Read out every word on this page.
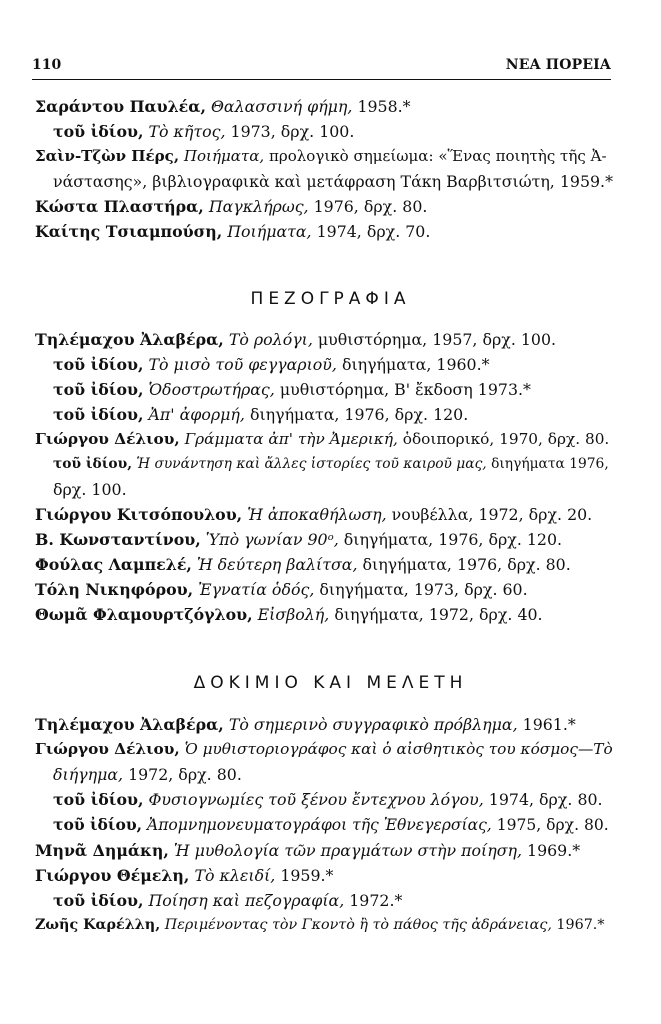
110	ΝΕΑ ΠΟΡΕΙΑ
Σαράντου Παυλέα, Θαλασσινή φήμη, 1958.*
τοῦ ἰδίου, Τὸ κῆτος, 1973, δρχ. 100.
Σαὶν-Τζὼν Πέρς, Ποιήματα, προλογικὸ σημείωμα: «Ἕνας ποιητὴς τῆς Ἀ-
νάστασης», βιβλιογραφικὰ καὶ μετάφραση Τάκη Βαρβιτσιώτη, 1959.*
Κώστα Πλαστήρα, Παγκλήρως, 1976, δρχ. 80.
Καίτης Τσιαμπούση, Ποιήματα, 1974, δρχ. 70.
ΠΕΖΟΓΡΑΦΙΑ
Τηλέμαχου Ἀλαβέρα, Τὸ ρολόγι, μυθιστόρημα, 1957, δρχ. 100.
τοῦ ἰδίου, Τὸ μισὸ τοῦ φεγγαριοῦ, διηγήματα, 1960.*
τοῦ ἰδίου, Ὁδοστρωτήρας, μυθιστόρημα, Β' ἔκδοση 1973.*
τοῦ ἰδίου, Ἀπ' ἀφορμή, διηγήματα, 1976, δρχ. 120.
Γιώργου Δέλιου, Γράμματα ἀπ' τὴν Ἀμερική, ὁδοιπορικό, 1970, δρχ. 80.
τοῦ ἰδίου, Ἡ συνάντηση καὶ ἄλλες ἱστορίες τοῦ καιροῦ μας, διηγήματα 1976,
δρχ. 100.
Γιώργου Κιτσόπουλου, Ἡ ἀποκαθήλωση, νουβέλλα, 1972, δρχ. 20.
Β. Κωνσταντίνου, Ὑπὸ γωνίαν 90ᵒ, διηγήματα, 1976, δρχ. 120.
Φούλας Λαμπελέ, Ἡ δεύτερη βαλίτσα, διηγήματα, 1976, δρχ. 80.
Τόλη Νικηφόρου, Ἐγνατία ὁδός, διηγήματα, 1973, δρχ. 60.
Θωμᾶ Φλαμουρτζόγλου, Εἰσβολή, διηγήματα, 1972, δρχ. 40.
ΔΟΚΙΜΙΟ ΚΑΙ ΜΕΛΕΤΗ
Τηλέμαχου Ἀλαβέρα, Τὸ σημερινὸ συγγραφικὸ πρόβλημα, 1961.*
Γιώργου Δέλιου, Ὁ μυθιστοριογράφος καὶ ὁ αἰσθητικὸς του κόσμος—Τὸ
διήγημα, 1972, δρχ. 80.
τοῦ ἰδίου, Φυσιογνωμίες τοῦ ξένου ἔντεχνου λόγου, 1974, δρχ. 80.
τοῦ ἰδίου, Ἀπομνημονευματογράφοι τῆς Ἐθνεγερσίας, 1975, δρχ. 80.
Μηνᾶ Δημάκη, Ἡ μυθολογία τῶν πραγμάτων στὴν ποίηση, 1969.*
Γιώργου Θέμελη, Τὸ κλειδί, 1959.*
τοῦ ἰδίου, Ποίηση καὶ πεζογραφία, 1972.*
Ζωῆς Καρέλλη, Περιμένοντας τὸν Γκοντὸ ἢ τὸ πάθος τῆς ἀδράνειας, 1967.*
